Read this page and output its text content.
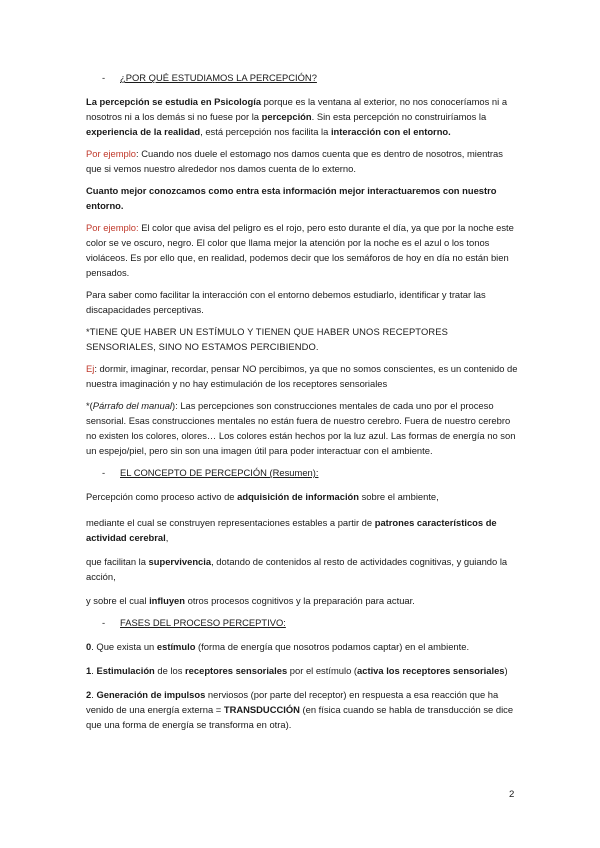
- ¿POR QUÉ ESTUDIAMOS LA PERCEPCIÓN?

La percepción se estudia en Psicología porque es la ventana al exterior, no nos conoceríamos ni a nosotros ni a los demás si no fuese por la percepción. Sin esta percepción no construiríamos la experiencia de la realidad, está percepción nos facilita la interacción con el entorno.

Por ejemplo: Cuando nos duele el estomago nos damos cuenta que es dentro de nosotros, mientras que si vemos nuestro alrededor nos damos cuenta de lo externo.

Cuanto mejor conozcamos como entra esta información mejor interactuaremos con nuestro entorno.

Por ejemplo: El color que avisa del peligro es el rojo, pero esto durante el día, ya que por la noche este color se ve oscuro, negro. El color que llama mejor la atención por la noche es el azul o los tonos violáceos. Es por ello que, en realidad, podemos decir que los semáforos de hoy en día no están bien pensados.

Para saber como facilitar la interacción con el entorno debemos estudiarlo, identificar y tratar las discapacidades perceptivas.

*TIENE QUE HABER UN ESTÍMULO Y TIENEN QUE HABER UNOS RECEPTORES SENSORIALES, SINO NO ESTAMOS PERCIBIENDO.

Ej: dormir, imaginar, recordar, pensar NO percibimos, ya que no somos conscientes, es un contenido de nuestra imaginación y no hay estimulación de los receptores sensoriales

*(Párrafo del manual): Las percepciones son construcciones mentales de cada uno por el proceso sensorial. Esas construcciones mentales no están fuera de nuestro cerebro. Fuera de nuestro cerebro no existen los colores, olores… Los colores están hechos por la luz azul. Las formas de energía no son un espejo/piel, pero sin son una imagen útil para poder interactuar con el ambiente.

- EL CONCEPTO DE PERCEPCIÓN (Resumen):

Percepción como proceso activo de adquisición de información sobre el ambiente,

mediante el cual se construyen representaciones estables a partir de patrones característicos de actividad cerebral,

que facilitan la supervivencia, dotando de contenidos al resto de actividades cognitivas, y guiando la acción,

y sobre el cual influyen otros procesos cognitivos y la preparación para actuar.

- FASES DEL PROCESO PERCEPTIVO:

0. Que exista un estímulo (forma de energía que nosotros podamos captar) en el ambiente.

1. Estimulación de los receptores sensoriales por el estímulo (activa los receptores sensoriales)

2. Generación de impulsos nerviosos (por parte del receptor) en respuesta a esa reacción que ha venido de una energía externa = TRANSDUCCIÓN (en física cuando se habla de transducción se dice que una forma de energía se transforma en otra).

2
